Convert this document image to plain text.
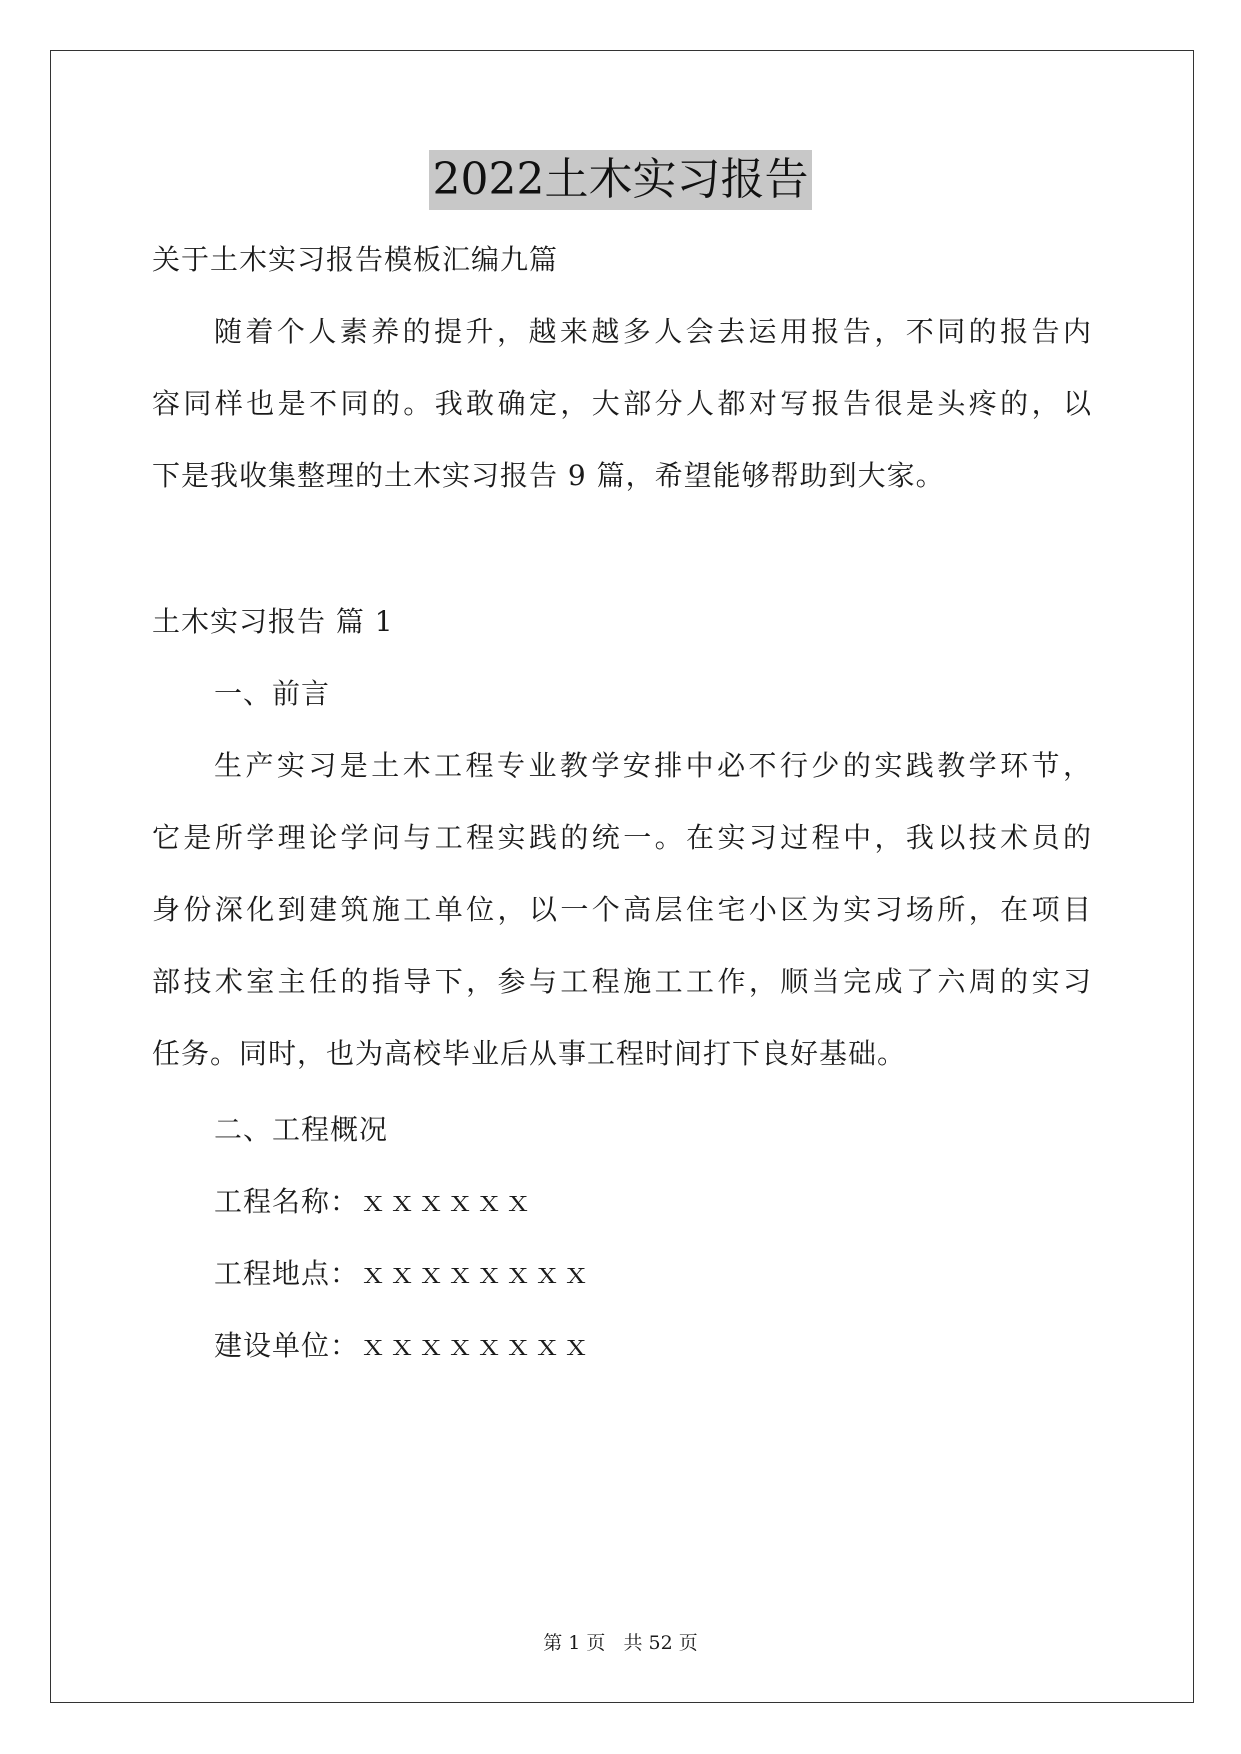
2022土木实习报告
关于土木实习报告模板汇编九篇
随着个人素养的提升，越来越多人会去运用报告，不同的报告内
容同样也是不同的。我敢确定，大部分人都对写报告很是头疼的，以
下是我收集整理的土木实习报告 9 篇，希望能够帮助到大家。
土木实习报告 篇 1
一、前言
生产实习是土木工程专业教学安排中必不行少的实践教学环节，
它是所学理论学问与工程实践的统一。在实习过程中，我以技术员的
身份深化到建筑施工单位，以一个高层住宅小区为实习场所，在项目
部技术室主任的指导下，参与工程施工工作，顺当完成了六周的实习
任务。同时，也为高校毕业后从事工程时间打下良好基础。
二、工程概况
工程名称：ｘｘｘｘｘｘ
工程地点：ｘｘｘｘｘｘｘｘ
建设单位：ｘｘｘｘｘｘｘｘ
第 1 页 共 52 页
